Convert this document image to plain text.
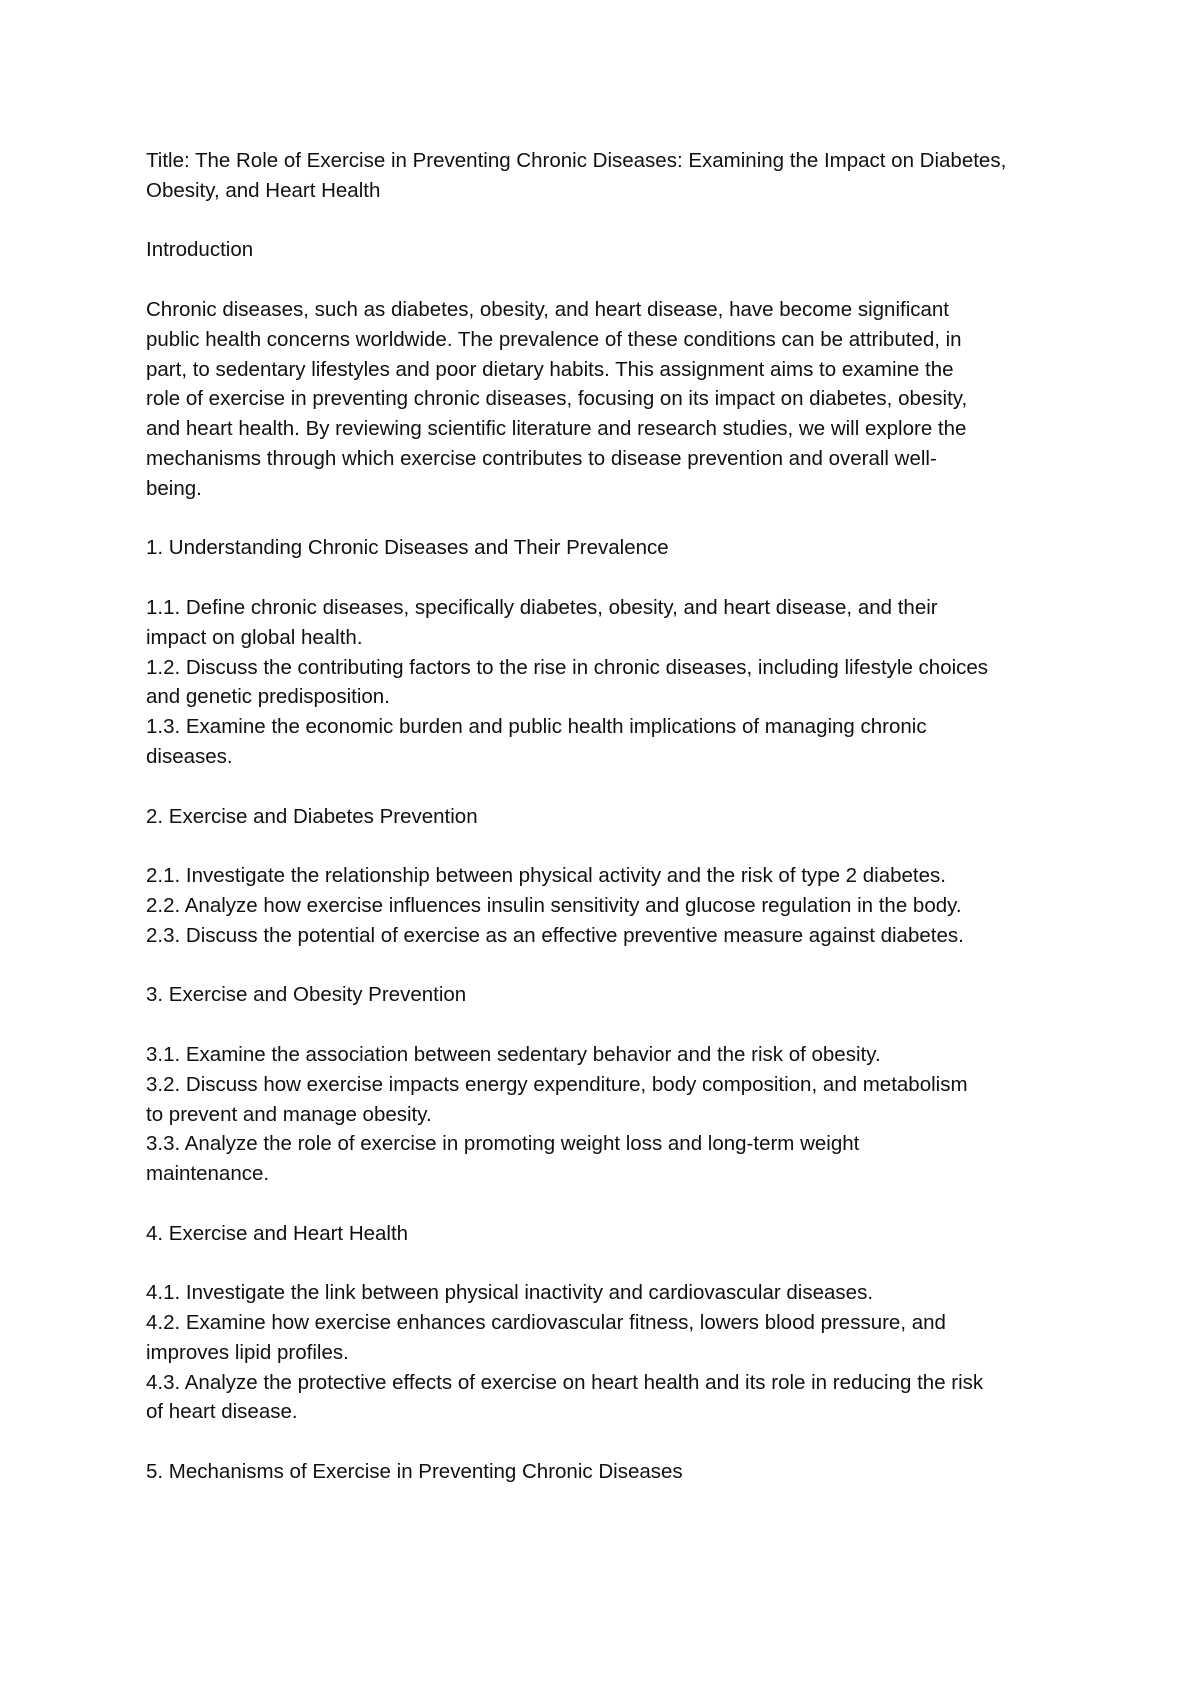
Title: The Role of Exercise in Preventing Chronic Diseases: Examining the Impact on Diabetes,

Obesity, and Heart Health

Introduction

Chronic diseases, such as diabetes, obesity, and heart disease, have become significant

public health concerns worldwide. The prevalence of these conditions can be attributed, in

part, to sedentary lifestyles and poor dietary habits. This assignment aims to examine the

role of exercise in preventing chronic diseases, focusing on its impact on diabetes, obesity,

and heart health. By reviewing scientific literature and research studies, we will explore the

mechanisms through which exercise contributes to disease prevention and overall well-

being.

1. Understanding Chronic Diseases and Their Prevalence

1.1. Define chronic diseases, specifically diabetes, obesity, and heart disease, and their

impact on global health.

1.2. Discuss the contributing factors to the rise in chronic diseases, including lifestyle choices

and genetic predisposition.

1.3. Examine the economic burden and public health implications of managing chronic

diseases.

2. Exercise and Diabetes Prevention

2.1. Investigate the relationship between physical activity and the risk of type 2 diabetes.

2.2. Analyze how exercise influences insulin sensitivity and glucose regulation in the body.

2.3. Discuss the potential of exercise as an effective preventive measure against diabetes.

3. Exercise and Obesity Prevention

3.1. Examine the association between sedentary behavior and the risk of obesity.

3.2. Discuss how exercise impacts energy expenditure, body composition, and metabolism

to prevent and manage obesity.

3.3. Analyze the role of exercise in promoting weight loss and long-term weight

maintenance.

4. Exercise and Heart Health

4.1. Investigate the link between physical inactivity and cardiovascular diseases.

4.2. Examine how exercise enhances cardiovascular fitness, lowers blood pressure, and

improves lipid profiles.

4.3. Analyze the protective effects of exercise on heart health and its role in reducing the risk

of heart disease.

5. Mechanisms of Exercise in Preventing Chronic Diseases
